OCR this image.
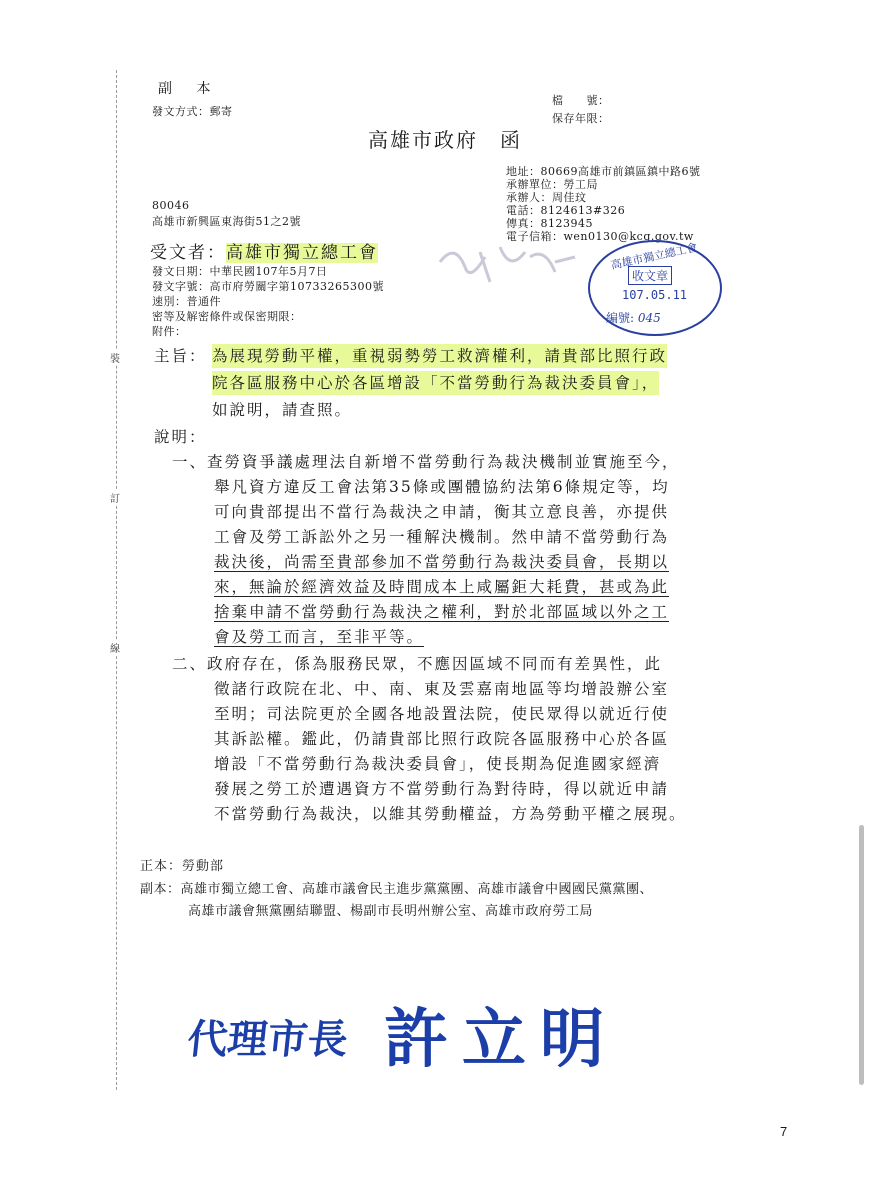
副 本
發文方式：郵寄
檔　　號：
保存年限：
高雄市政府　函
地址：80669高雄市前鎮區鎮中路6號
承辦單位：勞工局
承辦人：周佳玟
電話：8124613#326
傳真：8123945
電子信箱：wen0130@kcg.gov.tw
80046
高雄市新興區東海街51之2號
受文者：高雄市獨立總工會
發文日期：中華民國107年5月7日
發文字號：高市府勞關字第10733265300號
速別：普通件
密等及解密條件或保密期限：
附件：
高雄市獨立總工會
收文章
107.05.11
編號: 045
裝
訂
線
主旨： 為展現勞動平權，重視弱勢勞工救濟權利，請貴部比照行政
院各區服務中心於各區增設「不當勞動行為裁決委員會」，
如說明，請查照。
說明：
一、查勞資爭議處理法自新增不當勞動行為裁決機制並實施至今，
舉凡資方違反工會法第35條或團體協約法第6條規定等，均
可向貴部提出不當行為裁決之申請，衡其立意良善，亦提供
工會及勞工訴訟外之另一種解決機制。然申請不當勞動行為
裁決後，尚需至貴部參加不當勞動行為裁決委員會，長期以
來，無論於經濟效益及時間成本上咸屬鉅大耗費，甚或為此
捨棄申請不當勞動行為裁決之權利，對於北部區域以外之工
會及勞工而言，至非平等。
二、政府存在，係為服務民眾，不應因區域不同而有差異性，此
徵諸行政院在北、中、南、東及雲嘉南地區等均增設辦公室
至明；司法院更於全國各地設置法院，使民眾得以就近行使
其訴訟權。鑑此，仍請貴部比照行政院各區服務中心於各區
增設「不當勞動行為裁決委員會」，使長期為促進國家經濟
發展之勞工於遭遇資方不當勞動行為對待時，得以就近申請
不當勞動行為裁決，以維其勞動權益，方為勞動平權之展現。
正本：勞動部
副本：高雄市獨立總工會、高雄市議會民主進步黨黨團、高雄市議會中國國民黨黨團、
高雄市議會無黨團結聯盟、楊副市長明州辦公室、高雄市政府勞工局
代理市長 許立明
7
